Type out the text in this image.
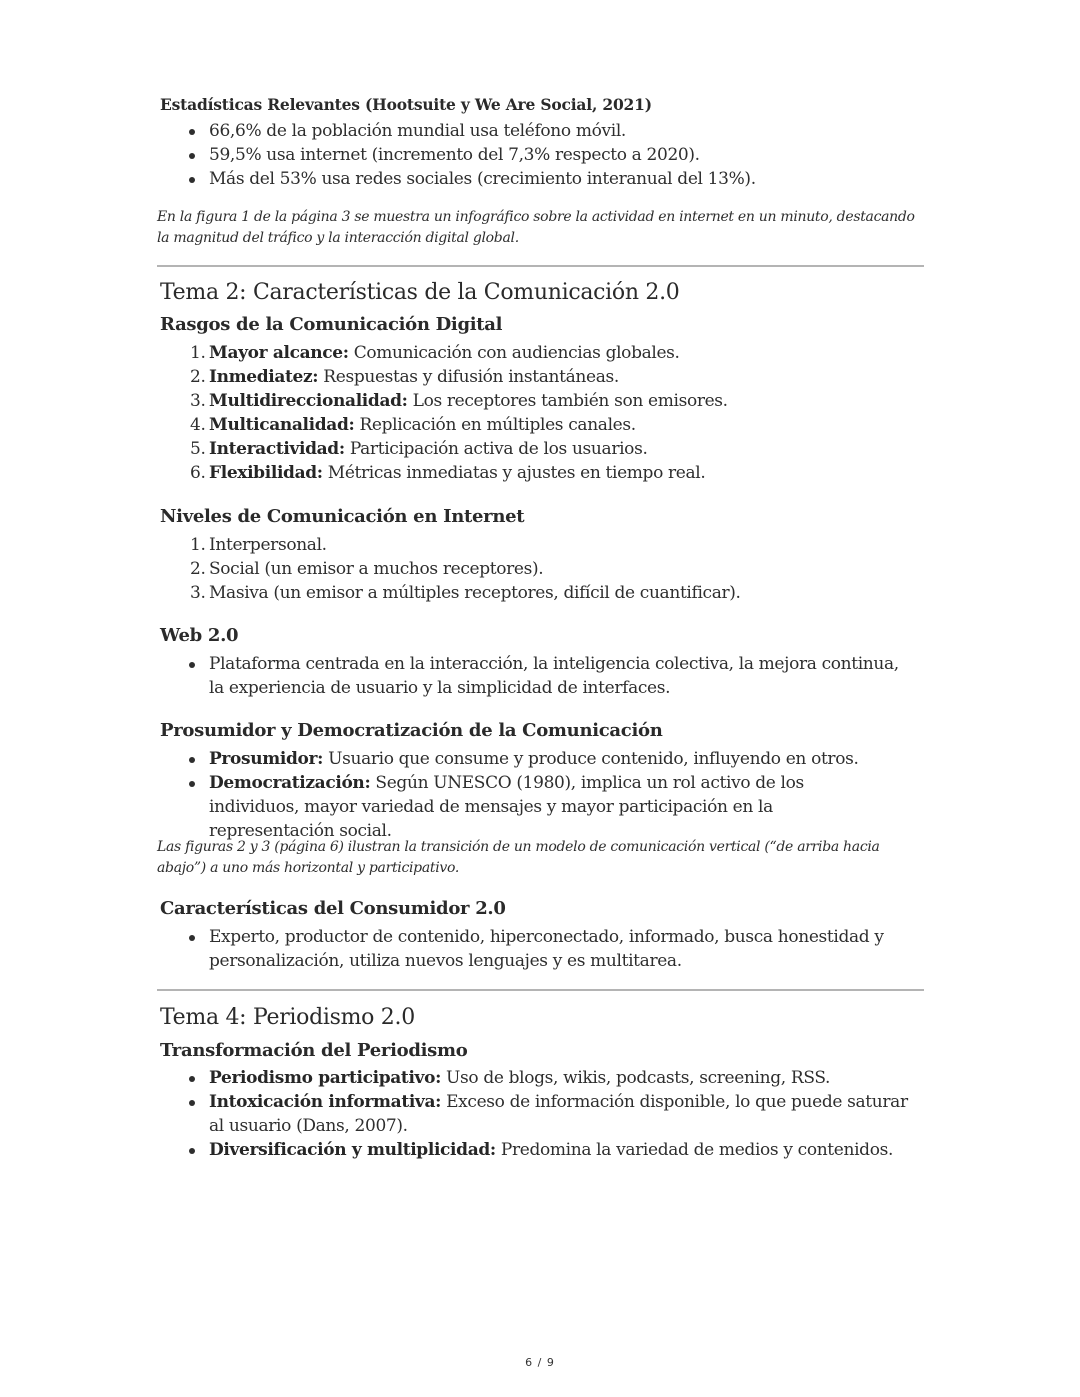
Estadísticas Relevantes (Hootsuite y We Are Social, 2021)
66,6% de la población mundial usa teléfono móvil.
59,5% usa internet (incremento del 7,3% respecto a 2020).
Más del 53% usa redes sociales (crecimiento interanual del 13%).
En la figura 1 de la página 3 se muestra un infográfico sobre la actividad en internet en un minuto, destacando la magnitud del tráfico y la interacción digital global.
Tema 2: Características de la Comunicación 2.0
Rasgos de la Comunicación Digital
1. Mayor alcance: Comunicación con audiencias globales.
2. Inmediatez: Respuestas y difusión instantáneas.
3. Multidireccionalidad: Los receptores también son emisores.
4. Multicanalidad: Replicación en múltiples canales.
5. Interactividad: Participación activa de los usuarios.
6. Flexibilidad: Métricas inmediatas y ajustes en tiempo real.
Niveles de Comunicación en Internet
1. Interpersonal.
2. Social (un emisor a muchos receptores).
3. Masiva (un emisor a múltiples receptores, difícil de cuantificar).
Web 2.0
Plataforma centrada en la interacción, la inteligencia colectiva, la mejora continua, la experiencia de usuario y la simplicidad de interfaces.
Prosumidor y Democratización de la Comunicación
Prosumidor: Usuario que consume y produce contenido, influyendo en otros.
Democratización: Según UNESCO (1980), implica un rol activo de los individuos, mayor variedad de mensajes y mayor participación en la representación social.
Las figuras 2 y 3 (página 6) ilustran la transición de un modelo de comunicación vertical (“de arriba hacia abajo”) a uno más horizontal y participativo.
Características del Consumidor 2.0
Experto, productor de contenido, hiperconectado, informado, busca honestidad y personalización, utiliza nuevos lenguajes y es multitarea.
Tema 4: Periodismo 2.0
Transformación del Periodismo
Periodismo participativo: Uso de blogs, wikis, podcasts, screening, RSS.
Intoxicación informativa: Exceso de información disponible, lo que puede saturar al usuario (Dans, 2007).
Diversificación y multiplicidad: Predomina la variedad de medios y contenidos.
6 / 9
